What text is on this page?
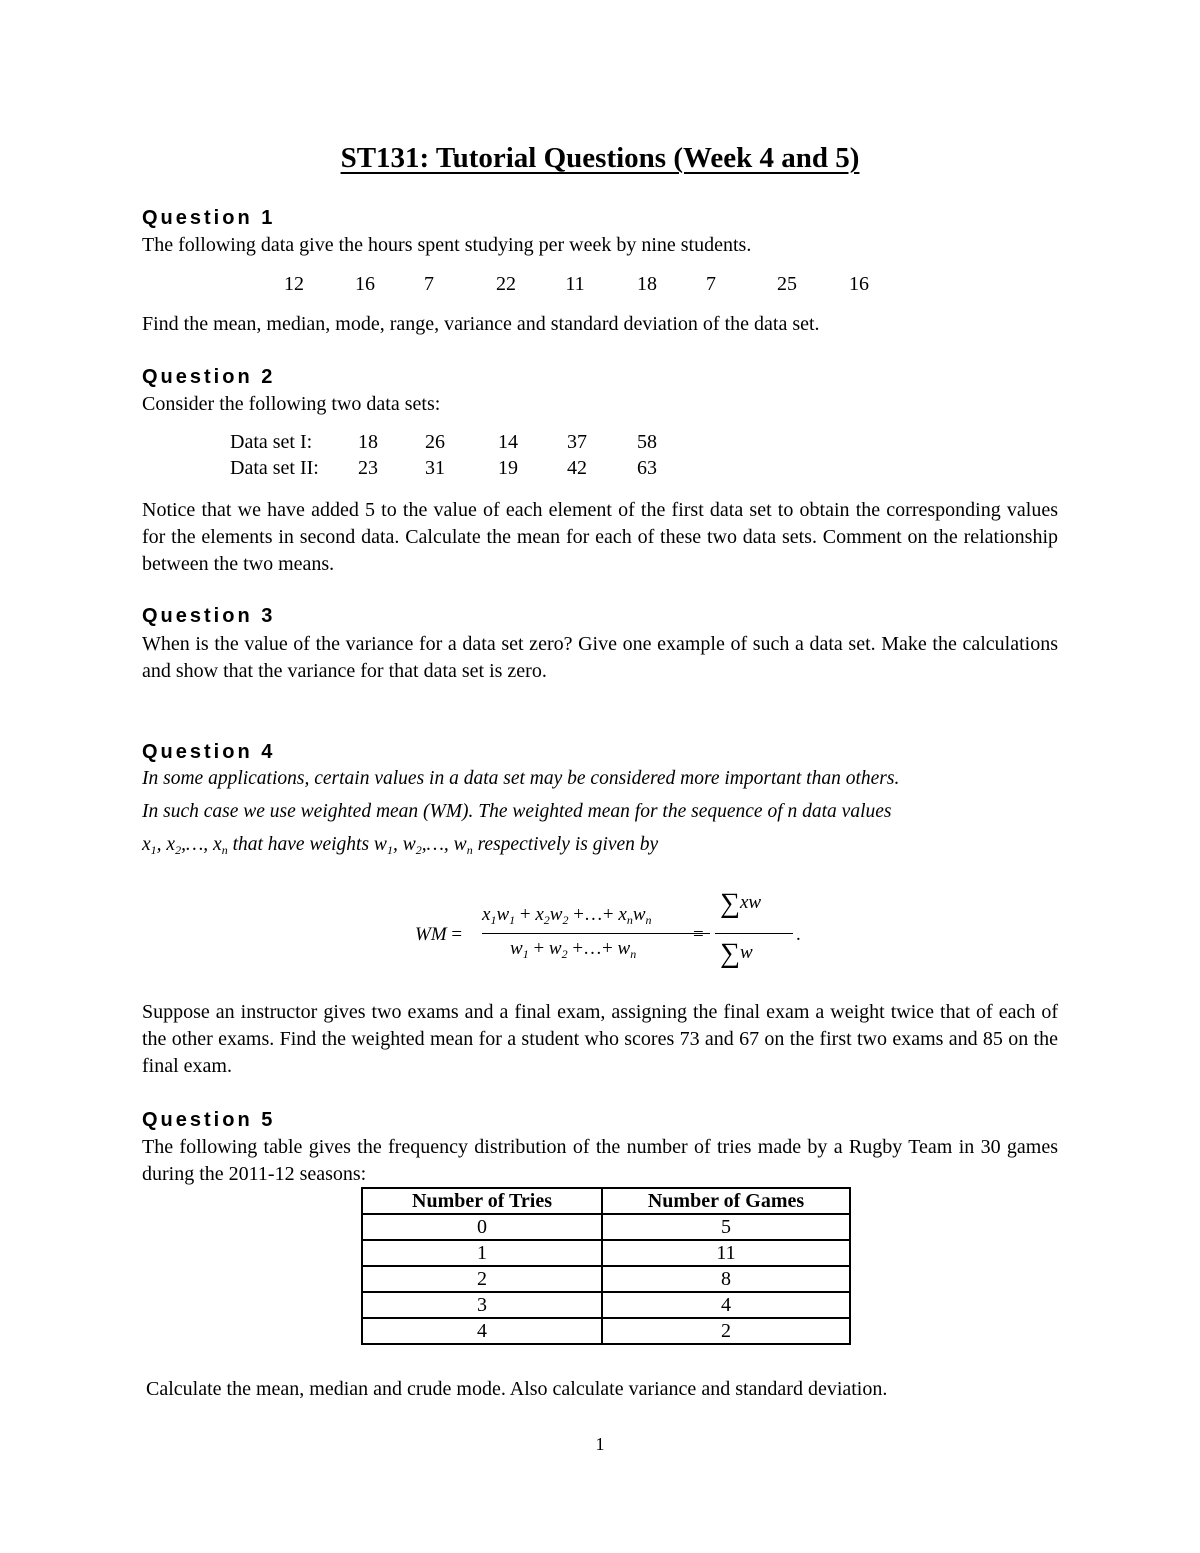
ST131: Tutorial Questions (Week 4 and 5)
Question 1
The following data give the hours spent studying per week by nine students.
12	16	7	22	11	18	7	25	16
Find the mean, median, mode, range, variance and standard deviation of the data set.
Question 2
Consider the following two data sets:
Data set I:	18	26	14	37	58
Data set II:	23	31	19	42	63
Notice that we have added 5 to the value of each element of the first data set to obtain the corresponding values for the elements in second data. Calculate the mean for each of these two data sets. Comment on the relationship between the two means.
Question 3
When is the value of the variance for a data set zero? Give one example of such a data set. Make the calculations and show that the variance for that data set is zero.
Question 4
In some applications, certain values in a data set may be considered more important than others.
In such case we use weighted mean (WM). The weighted mean for the sequence of n data values
$x_1$, $x_2,\dots$, $x_n$ that have weights $w_1$, $w_2,\dots$, $w_n$ respectively is given by
WM =
$x_1w_1 + x_2w_2$ +…+ $x_nw_n$
$w_1 + w_2$ +…+ $w_n$
=
∑xw
∑w
.
Suppose an instructor gives two exams and a final exam, assigning the final exam a weight twice that of each of the other exams. Find the weighted mean for a student who scores 73 and 67 on the first two exams and 85 on the final exam.
Question 5
The following table gives the frequency distribution of the number of tries made by a Rugby Team in 30 games during the 2011-12 seasons:
Number of Tries	Number of Games
0	5
1	11
2	8
3	4
4	2
Calculate the mean, median and crude mode. Also calculate variance and standard deviation.
1
